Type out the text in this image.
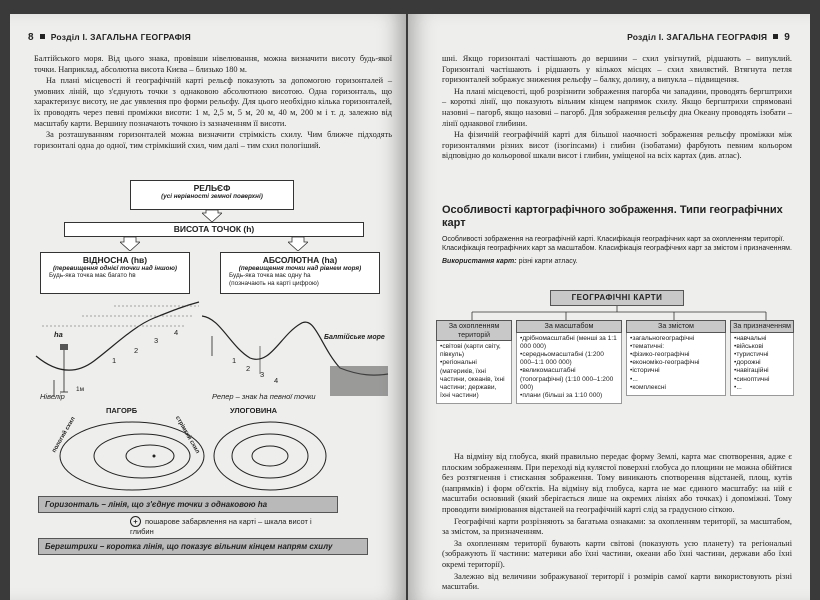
8 Розділ I. ЗАГАЛЬНА ГЕОГРАФІЯ

Балтійського моря. Від цього знака, провівши нівелювання, можна визначити висоту будь-якої точки. Наприклад, абсолютна висота Києва – близько 180 м.

На плані місцевості й географічній карті рельєф показують за допомогою горизонталей – умовних ліній, що з'єднують точки з однаковою абсолютною висотою. Одна горизонталь, що характеризує висоту, не дає уявлення про форми рельєфу. Для цього необхідно кілька горизонталей, їх проводять через певні проміжки висоти: 1 м, 2,5 м, 5 м, 20 м, 40 м, 200 м і т. д. залежно від масштабу карти. Вершину позначають точкою із зазначенням її висоти.

За розташуванням горизонталей можна визначити стрімкість схилу. Чим ближче підходять горизонталі одна до одної, тим стрімкіший схил, чим далі – тим схил пологіший.

РЕЛЬЄФ
(усі нерівності земної поверхні)
ВИСОТА ТОЧОК (h)
ВІДНОСНА (hв)
(перевищення однієї точки над іншою)
Будь-яка точка має багато hв
АБСОЛЮТНА (hа)
(перевищення точки над рівнем моря)
Будь-яка точка має одну hа
(позначають на карті цифрою)
hа
1
2
3
4
1
2
3
4
Балтійське море
Нівелір
1м
Репер – знак hа певної точки
ПАГОРБ	УЛОГОВИНА
стрімкий схил
пологий схил
Горизонталь – лінія, що з'єднує точки з однаковою hа
+ пошарове забарвлення на карті – шкала висот і глибин
Бергштрихи – коротка лінія, що показує вільним кінцем напрям схилу
Розділ I. ЗАГАЛЬНА ГЕОГРАФІЯ 9

шні. Якщо горизонталі частішають до вершини – схил увігнутий, рідшають – випуклий. Горизонталі частішають і рідшають у кількох місцях – схил хвилястий. Втягнута петля горизонталей зображує знижения рельєфу – балку, долину, а випукла – підвищення.

На плані місцевості, щоб розрізнити зображення пагорба чи западини, проводять бергштрихи – короткі лінії, що показують вільним кінцем напрямок схилу. Якщо бергштрихи спрямовані назовні – пагорб, якщо назовні – пагорб. Для зображення рельєфу дна Океану проводять ізобати – лінії однакової глибини.

На фізичній географічній карті для більшої наочності зображення рельєфу проміжки між горизонталями різних висот (ізогіпсами) і глибин (ізобатами) фарбують певним кольором відповідно до кольорової шкали висот і глибин, уміщеної на всіх картах (див. атлас).

Особливості картографічного зображення. Типи географічних карт
Особливості зображення на географічній карті. Класифікація географічних карт за охопленням території. Класифікація географічних карт за масштабом. Класифікація географічних карт за змістом і призначенням.
Використання карт: різні карти атласу.
ГЕОГРАФІЧНІ КАРТИ
За охопленням територій
• світові (карти світу, півкуль)
• регіональні (материків, їхні частини, океанів, їхні частини; держави, їхні частини)
За масштабом
• дрібномасштабні (менші за 1:1 000 000)
• середньомасштабні (1:200 000–1:1 000 000)
• великомасштабні (топографічні) (1:10 000–1:200 000)
• плани (більші за 1:10 000)
За змістом
• загальногеографічні
• тематичні:
• фізико-географічні
• економіко-географічні
• історичні
• ...
• комплексні
За призначенням
• навчальні
• військові
• туристичні
• дорожні
• навігаційні
• синоптичні
• ...

На відміну від глобуса, який правильно передає форму Землі, карта має спотворення, адже є плоским зображенням. При переході від кулястої поверхні глобуса до площини не можна обійтися без розтягнення і стискання зображення. Тому виникають спотворення відстаней, площ, кутів (напрямків) і форм об'єктів. На відміну від глобуса, карта не має єдиного масштабу: на ній є масштаби основний (який зберігається лише на окремих лініях або точках) і допоміжні. Тому проводити вимірювання відстаней на географічній карті слід за градусною сіткою.

Географічні карти розрізняють за багатьма ознаками: за охопленням території, за масштабом, за змістом, за призначенням.

За охопленням території бувають карти світові (показують усю планету) та регіональні (зображують її частини: материки або їхні частини, океани або їхні частини, держави або їхні окремі території).

Залежно від величини зображуваної території і розмірів самої карти використовують різні масштаби.
